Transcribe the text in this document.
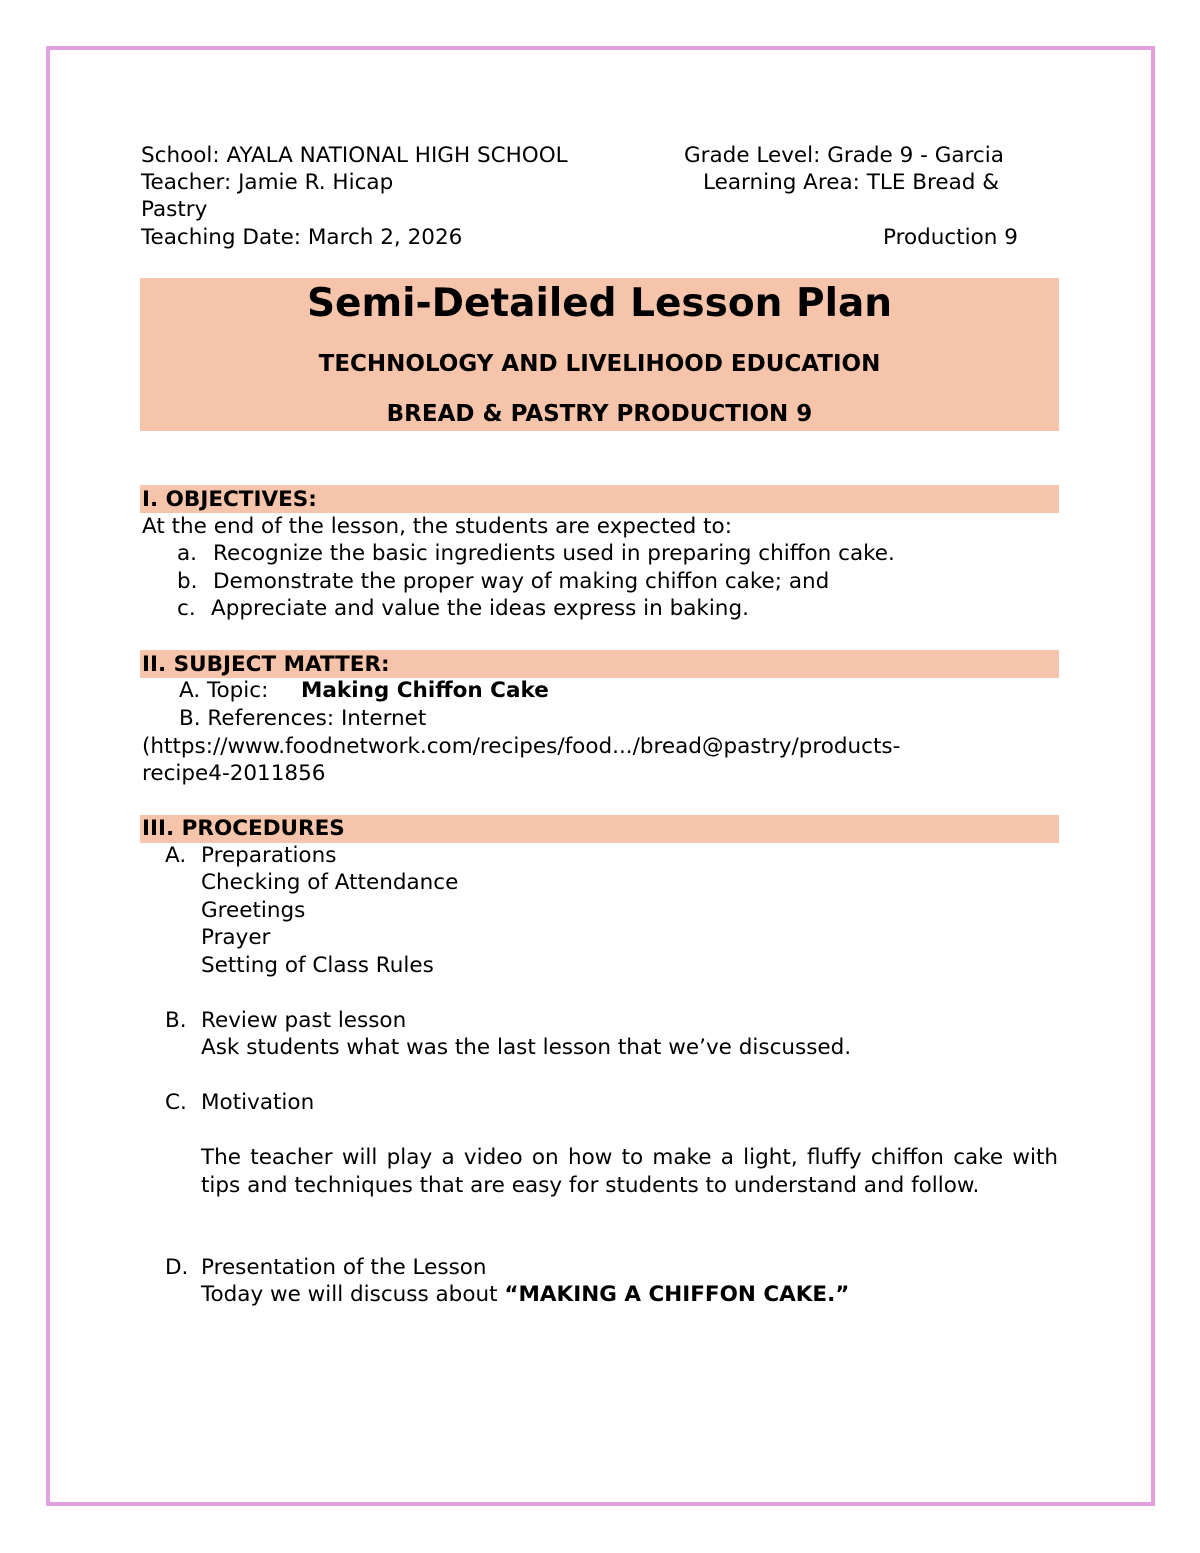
School: AYALA NATIONAL HIGH SCHOOL	Grade Level: Grade 9 - Garcia
Teacher: Jamie R. Hicap	Learning Area: TLE Bread &
Pastry
Teaching Date: March 2, 2026	Production 9
Semi-Detailed Lesson Plan
TECHNOLOGY AND LIVELIHOOD EDUCATION
BREAD & PASTRY PRODUCTION 9
I. OBJECTIVES:
At the end of the lesson, the students are expected to:
a. Recognize the basic ingredients used in preparing chiffon cake.
b. Demonstrate the proper way of making chiffon cake; and
c. Appreciate and value the ideas express in baking.
II. SUBJECT MATTER:
A. Topic: Making Chiffon Cake
B. References: Internet
(https://www.foodnetwork.com/recipes/food.../bread@pastry/products-
recipe4-2011856
III. PROCEDURES
A. Preparations
Checking of Attendance
Greetings
Prayer
Setting of Class Rules
B. Review past lesson
Ask students what was the last lesson that we’ve discussed.
C. Motivation
The teacher will play a video on how to make a light, fluffy chiffon cake with tips and techniques that are easy for students to understand and follow.
D. Presentation of the Lesson
Today we will discuss about “MAKING A CHIFFON CAKE.”
